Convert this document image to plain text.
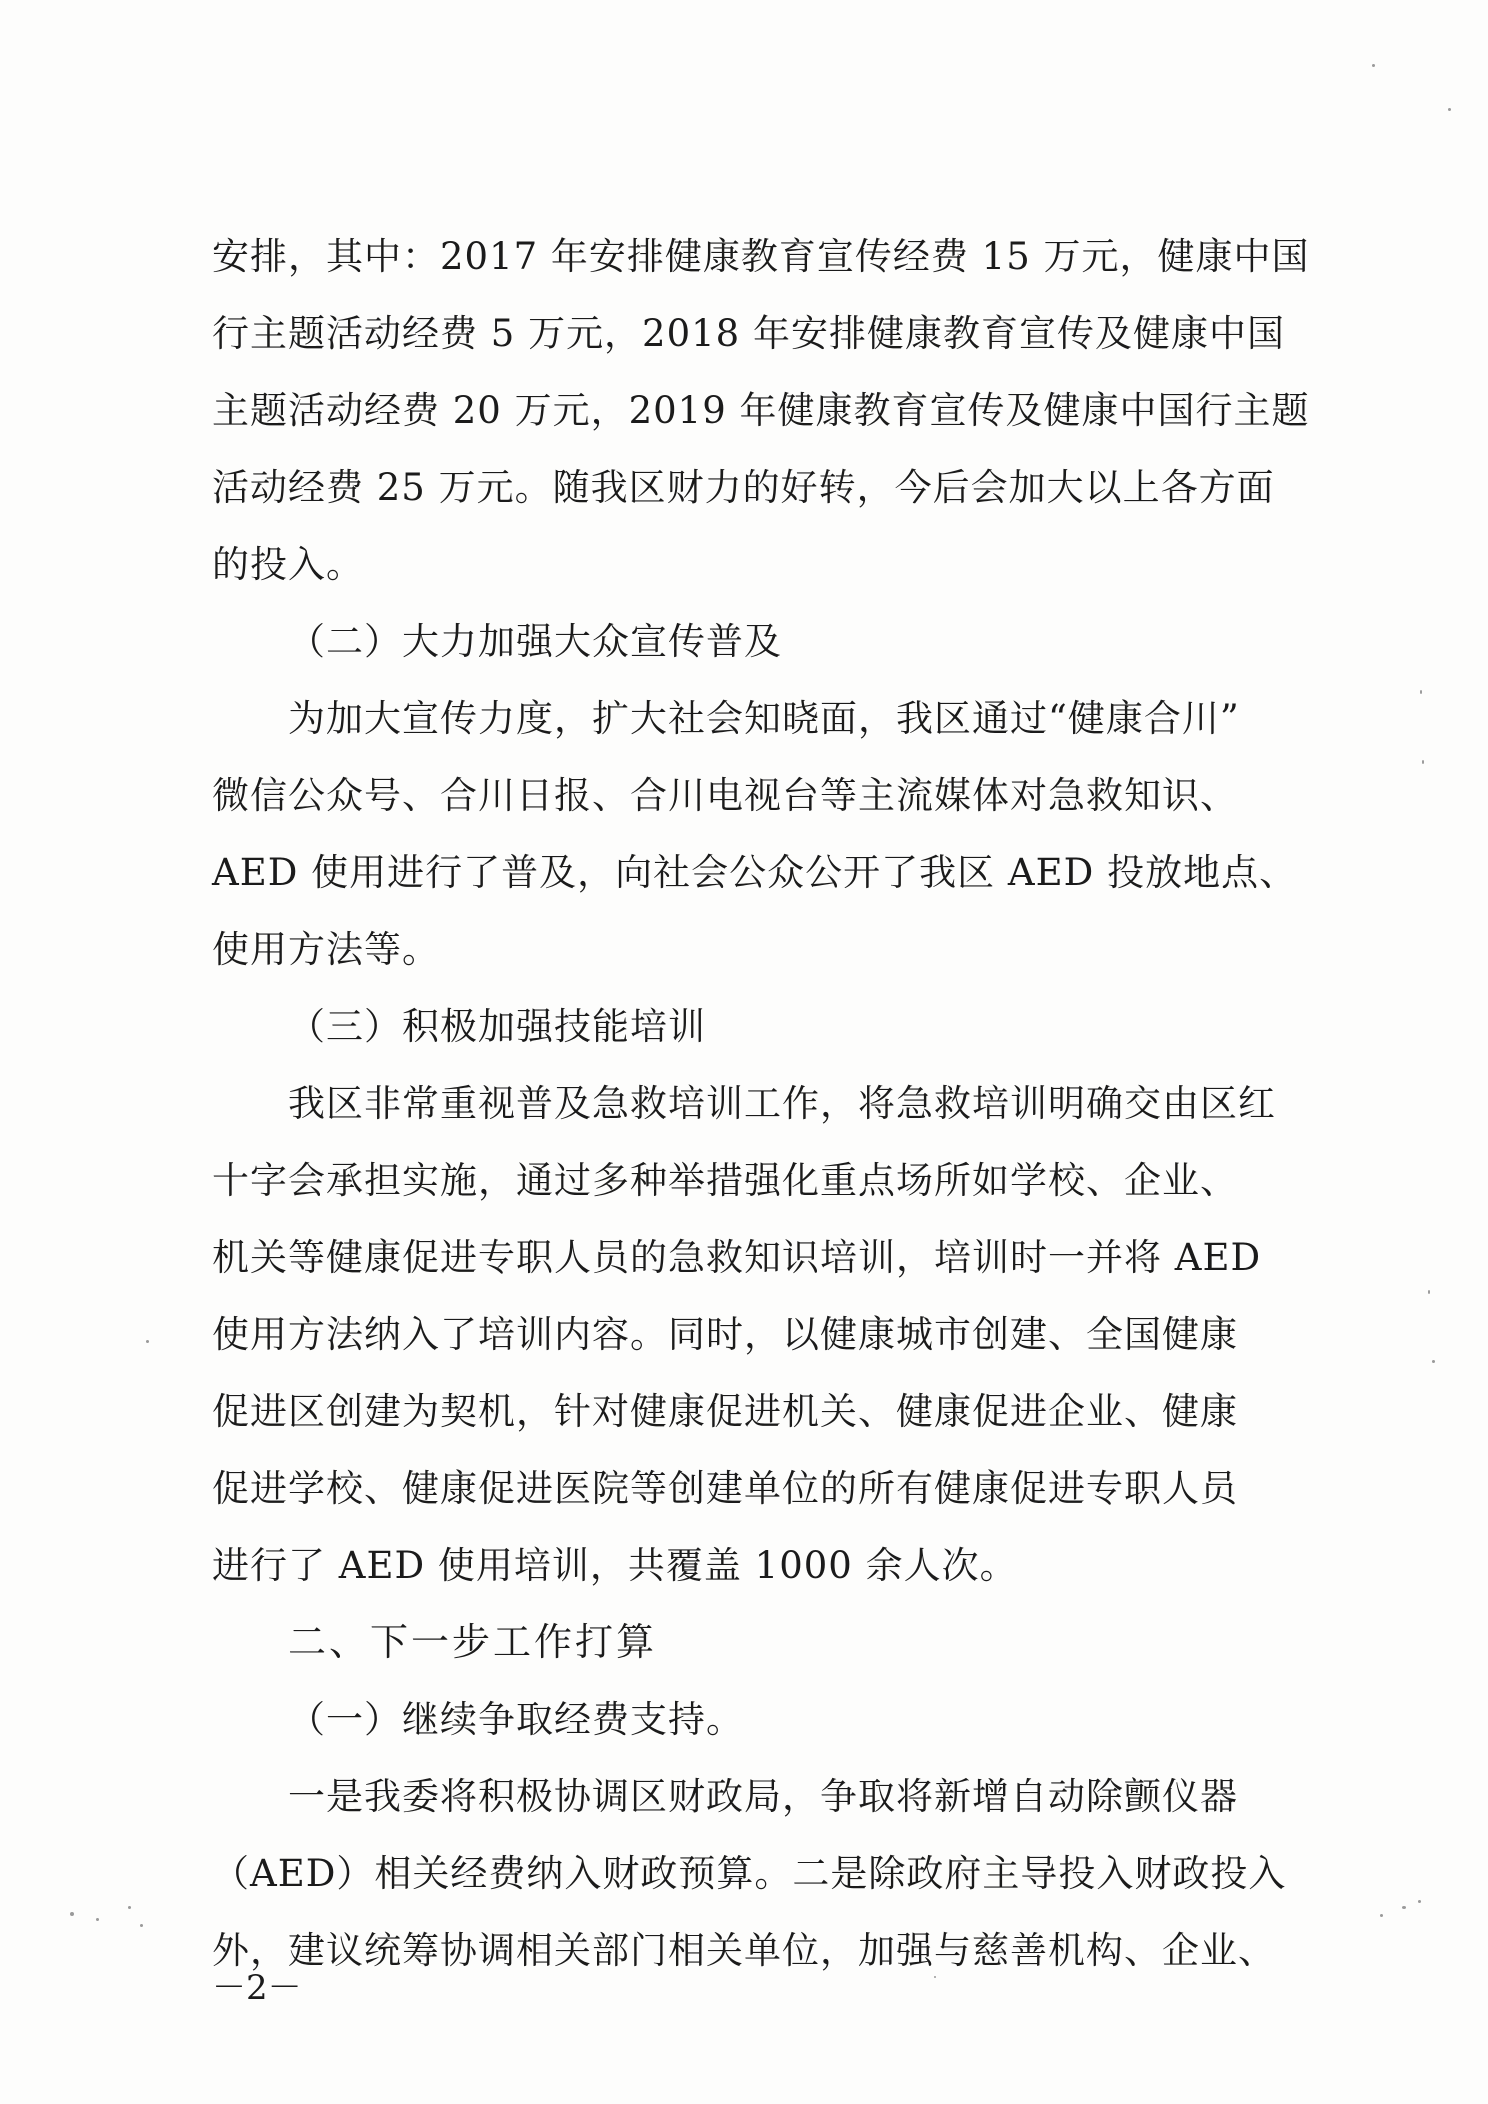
安排，其中：2017 年安排健康教育宣传经费 15 万元，健康中国
行主题活动经费 5 万元，2018 年安排健康教育宣传及健康中国
主题活动经费 20 万元，2019 年健康教育宣传及健康中国行主题
活动经费 25 万元。随我区财力的好转，今后会加大以上各方面
的投入。
（二）大力加强大众宣传普及
为加大宣传力度，扩大社会知晓面，我区通过“健康合川”
微信公众号、合川日报、合川电视台等主流媒体对急救知识、
AED 使用进行了普及，向社会公众公开了我区 AED 投放地点、
使用方法等。
（三）积极加强技能培训
我区非常重视普及急救培训工作，将急救培训明确交由区红
十字会承担实施，通过多种举措强化重点场所如学校、企业、
机关等健康促进专职人员的急救知识培训，培训时一并将 AED
使用方法纳入了培训内容。同时，以健康城市创建、全国健康
促进区创建为契机，针对健康促进机关、健康促进企业、健康
促进学校、健康促进医院等创建单位的所有健康促进专职人员
进行了 AED 使用培训，共覆盖 1000 余人次。
二、下一步工作打算
（一）继续争取经费支持。
一是我委将积极协调区财政局，争取将新增自动除颤仪器
（AED）相关经费纳入财政预算。二是除政府主导投入财政投入
外，建议统筹协调相关部门相关单位，加强与慈善机构、企业、
－2－
